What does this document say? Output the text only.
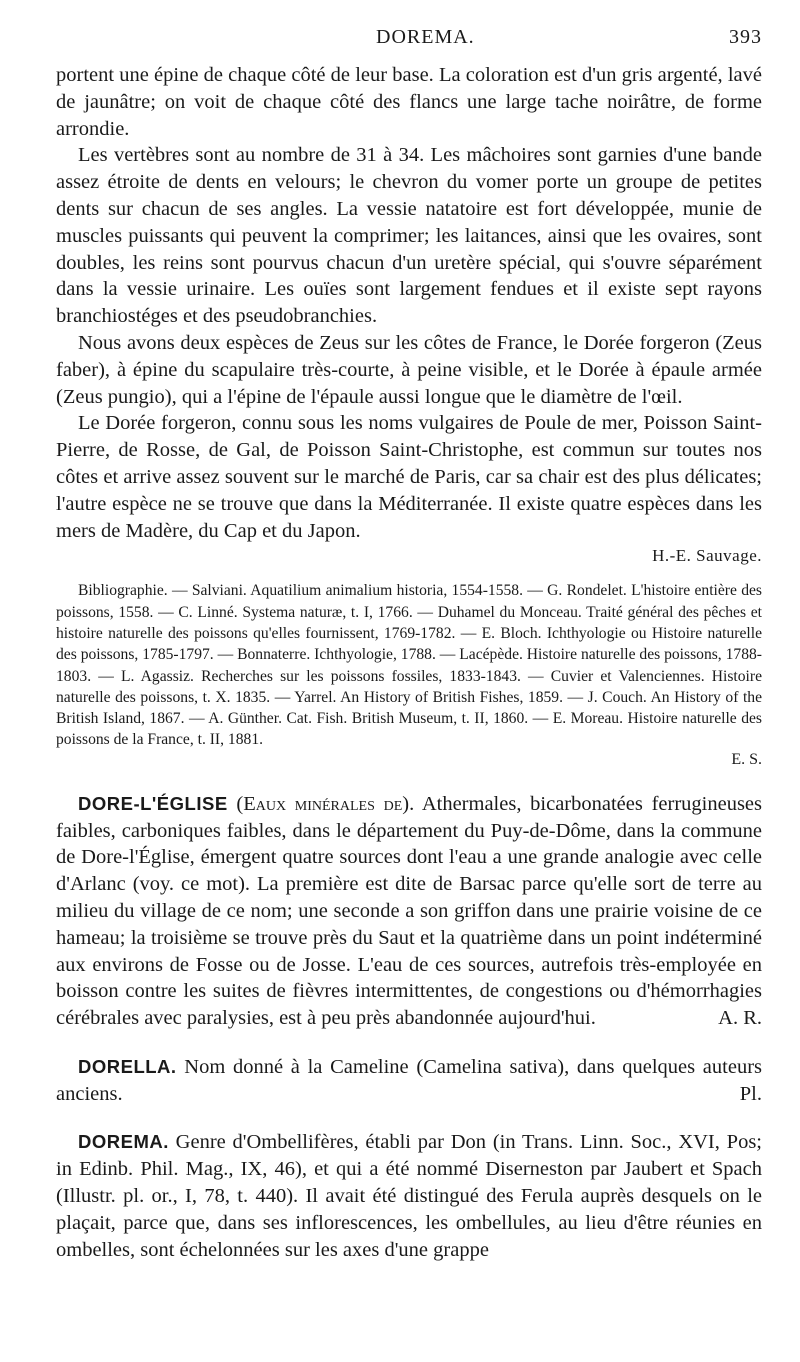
DOREMA.	393

portent une épine de chaque côté de leur base. La coloration est d'un gris argenté, lavé de jaunâtre; on voit de chaque côté des flancs une large tache noirâtre, de forme arrondie.

Les vertèbres sont au nombre de 31 à 34. Les mâchoires sont garnies d'une bande assez étroite de dents en velours; le chevron du vomer porte un groupe de petites dents sur chacun de ses angles. La vessie natatoire est fort développée, munie de muscles puissants qui peuvent la comprimer; les laitances, ainsi que les ovaires, sont doubles, les reins sont pourvus chacun d'un uretère spécial, qui s'ouvre séparément dans la vessie urinaire. Les ouïes sont largement fendues et il existe sept rayons branchiostéges et des pseudobranchies.

Nous avons deux espèces de Zeus sur les côtes de France, le Dorée forgeron (Zeus faber), à épine du scapulaire très-courte, à peine visible, et le Dorée à épaule armée (Zeus pungio), qui a l'épine de l'épaule aussi longue que le diamètre de l'œil.

Le Dorée forgeron, connu sous les noms vulgaires de Poule de mer, Poisson Saint-Pierre, de Rosse, de Gal, de Poisson Saint-Christophe, est commun sur toutes nos côtes et arrive assez souvent sur le marché de Paris, car sa chair est des plus délicates; l'autre espèce ne se trouve que dans la Méditerranée. Il existe quatre espèces dans les mers de Madère, du Cap et du Japon.

H.-E. Sauvage.
Bibliographie. — Salviani. Aquatilium animalium historia, 1554-1558. — G. Rondelet. L'histoire entière des poissons, 1558. — C. Linné. Systema naturæ, t. I, 1766. — Duhamel du Monceau. Traité général des pêches et histoire naturelle des poissons qu'elles fournissent, 1769-1782. — E. Bloch. Ichthyologie ou Histoire naturelle des poissons, 1785-1797. — Bonnaterre. Ichthyologie, 1788. — Lacépède. Histoire naturelle des poissons, 1788-1803. — L. Agassiz. Recherches sur les poissons fossiles, 1833-1843. — Cuvier et Valenciennes. Histoire naturelle des poissons, t. X. 1835. — Yarrel. An History of British Fishes, 1859. — J. Couch. An History of the British Island, 1867. — A. Günther. Cat. Fish. British Museum, t. II, 1860. — E. Moreau. Histoire naturelle des poissons de la France, t. II, 1881.
E. S.

DORE-L'ÉGLISE (Eaux minérales de). Athermales, bicarbonatées ferrugineuses faibles, carboniques faibles, dans le département du Puy-de-Dôme, dans la commune de Dore-l'Église, émergent quatre sources dont l'eau a une grande analogie avec celle d'Arlanc (voy. ce mot). La première est dite de Barsac parce qu'elle sort de terre au milieu du village de ce nom; une seconde a son griffon dans une prairie voisine de ce hameau; la troisième se trouve près du Saut et la quatrième dans un point indéterminé aux environs de Fosse ou de Josse. L'eau de ces sources, autrefois très-employée en boisson contre les suites de fièvres intermittentes, de congestions ou d'hémorrhagies cérébrales avec paralysies, est à peu près abandonnée aujourd'hui.	A. R.

DORELLA. Nom donné à la Cameline (Camelina sativa), dans quelques auteurs anciens.	Pl.

DOREMA. Genre d'Ombellifères, établi par Don (in Trans. Linn. Soc., XVI, Pos; in Edinb. Phil. Mag., IX, 46), et qui a été nommé Diserneston par Jaubert et Spach (Illustr. pl. or., I, 78, t. 440). Il avait été distingué des Ferula auprès desquels on le plaçait, parce que, dans ses inflorescences, les ombellules, au lieu d'être réunies en ombelles, sont échelonnées sur les axes d'une grappe
